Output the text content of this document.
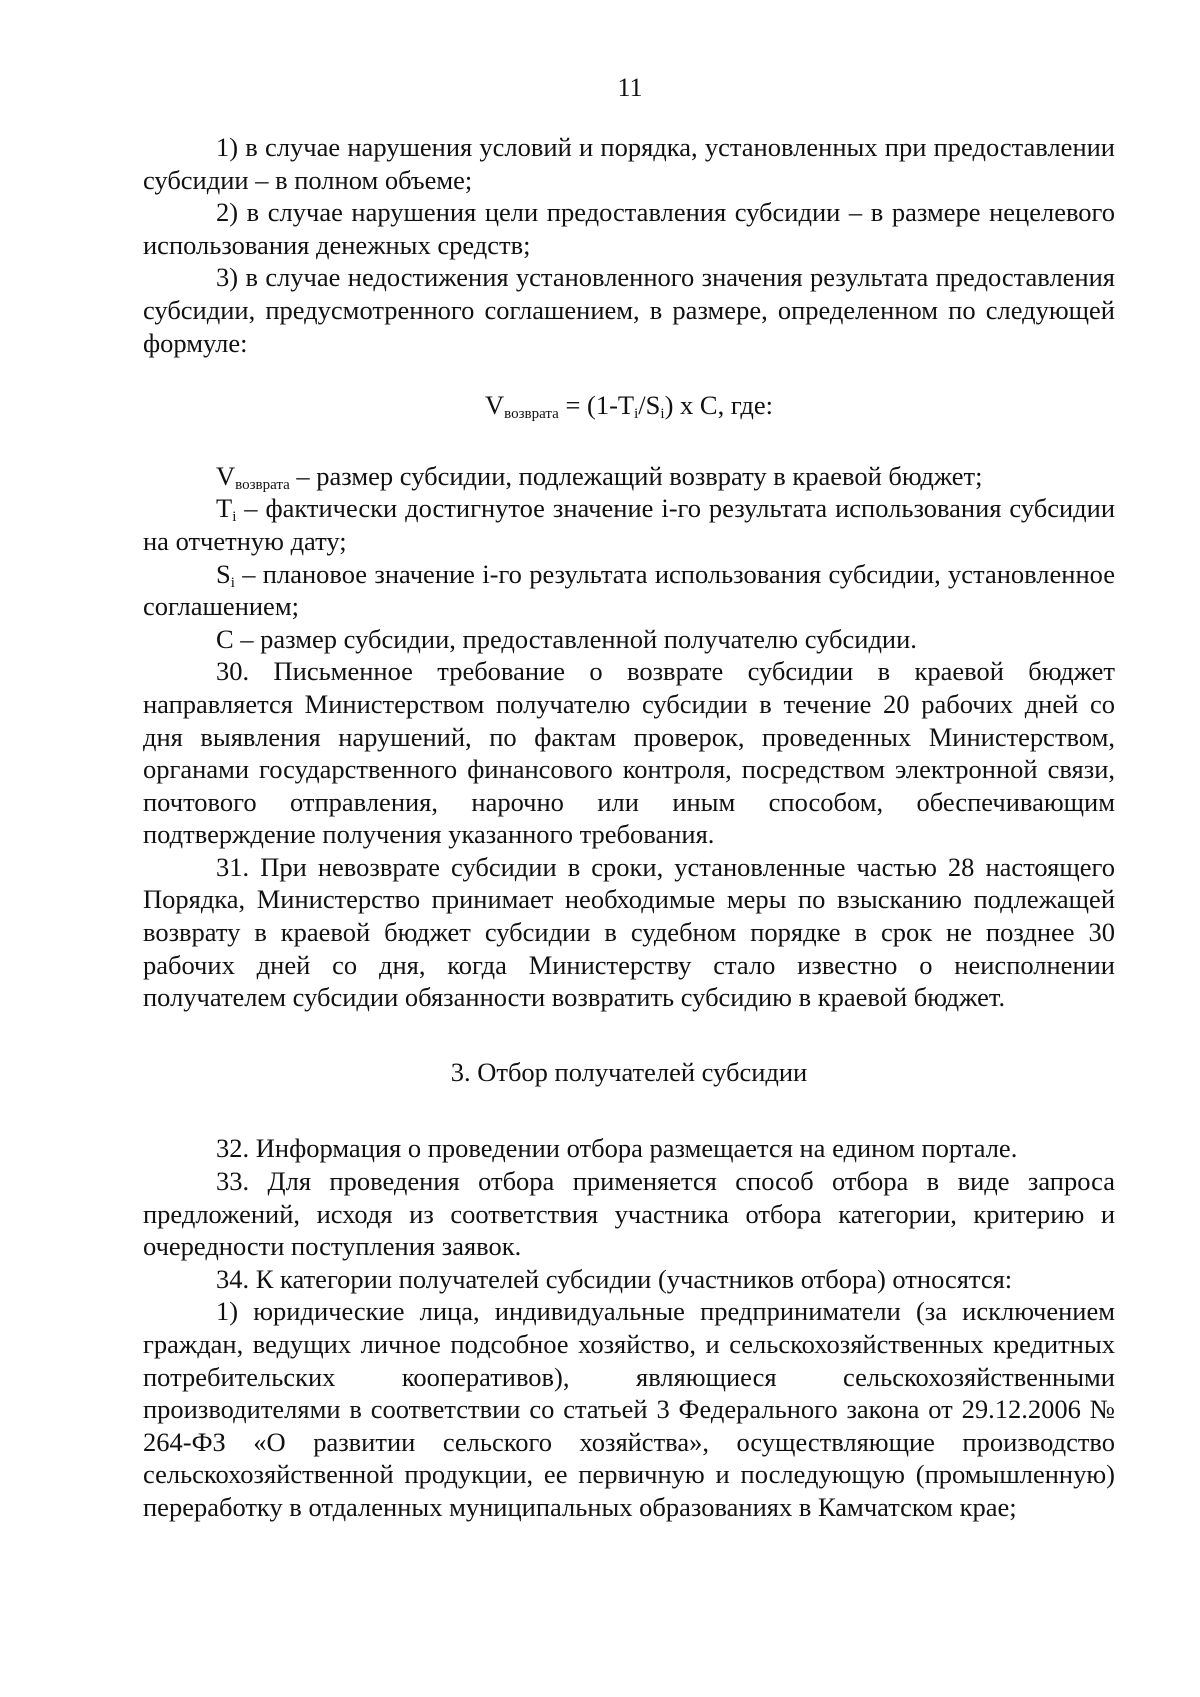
11

1) в случае нарушения условий и порядка, установленных при предоставлении субсидии – в полном объеме;

2) в случае нарушения цели предоставления субсидии – в размере нецелевого использования денежных средств;

3) в случае недостижения установленного значения результата предоставления субсидии, предусмотренного соглашением, в размере, определенном по следующей формуле:

$V_{возврата} = (1-T_i/S_i)$ х C, где:

$V_{возврата}$ – размер субсидии, подлежащий возврату в краевой бюджет;

$T_i$ – фактически достигнутое значение i-го результата использования субсидии на отчетную дату;

$S_i$ – плановое значение i-го результата использования субсидии, установленное соглашением;

C – размер субсидии, предоставленной получателю субсидии.

30. Письменное требование о возврате субсидии в краевой бюджет направляется Министерством получателю субсидии в течение 20 рабочих дней со дня выявления нарушений, по фактам проверок, проведенных Министерством, органами государственного финансового контроля, посредством электронной связи, почтового отправления, нарочно или иным способом, обеспечивающим подтверждение получения указанного требования.

31. При невозврате субсидии в сроки, установленные частью 28 настоящего Порядка, Министерство принимает необходимые меры по взысканию подлежащей возврату в краевой бюджет субсидии в судебном порядке в срок не позднее 30 рабочих дней со дня, когда Министерству стало известно о неисполнении получателем субсидии обязанности возвратить субсидию в краевой бюджет.

3. Отбор получателей субсидии

32. Информация о проведении отбора размещается на едином портале.

33. Для проведения отбора применяется способ отбора в виде запроса предложений, исходя из соответствия участника отбора категории, критерию и очередности поступления заявок.

34. К категории получателей субсидии (участников отбора) относятся:

1) юридические лица, индивидуальные предприниматели (за исключением граждан, ведущих личное подсобное хозяйство, и сельскохозяйственных кредитных потребительских кооперативов), являющиеся сельскохозяйственными производителями в соответствии со статьей 3 Федерального закона от 29.12.2006 № 264-ФЗ «О развитии сельского хозяйства», осуществляющие производство сельскохозяйственной продукции, ее первичную и последующую (промышленную) переработку в отдаленных муниципальных образованиях в Камчатском крае;
